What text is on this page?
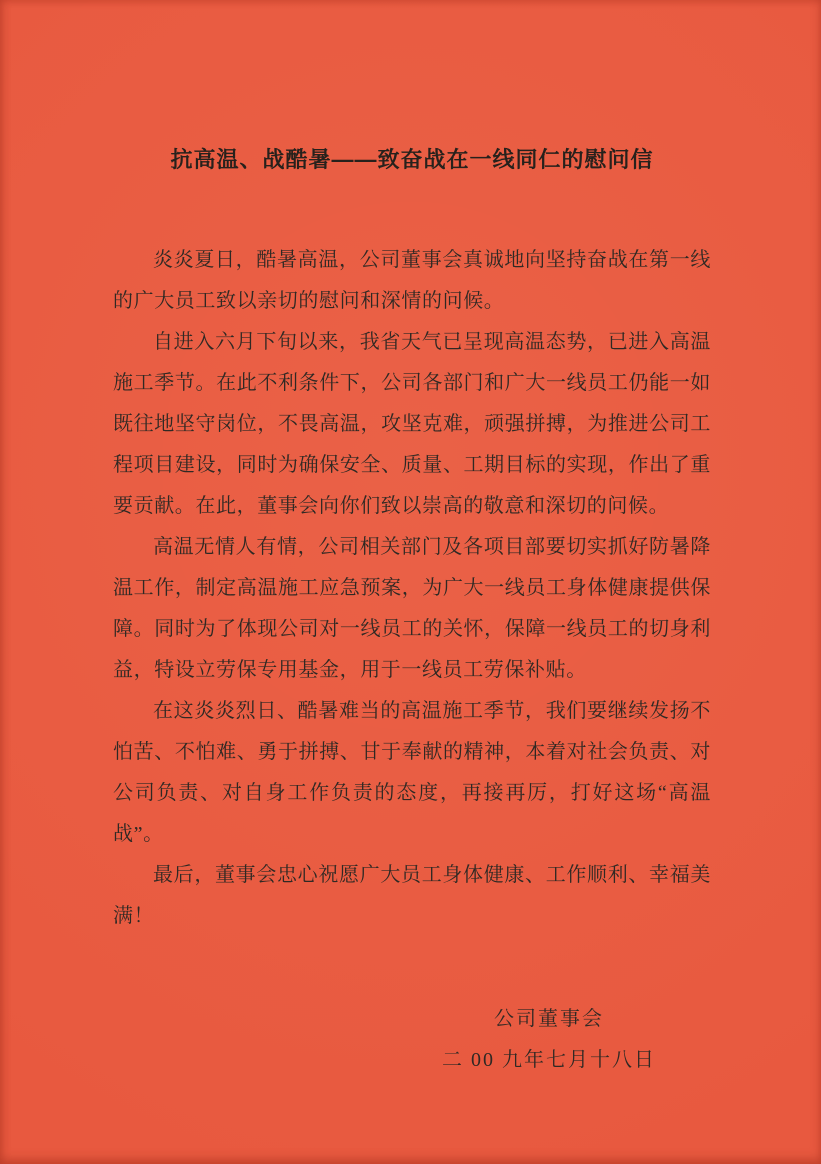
抗高温、战酷暑——致奋战在一线同仁的慰问信

炎炎夏日，酷暑高温，公司董事会真诚地向坚持奋战在第一线的广大员工致以亲切的慰问和深情的问候。

自进入六月下旬以来，我省天气已呈现高温态势，已进入高温施工季节。在此不利条件下，公司各部门和广大一线员工仍能一如既往地坚守岗位，不畏高温，攻坚克难，顽强拼搏，为推进公司工程项目建设，同时为确保安全、质量、工期目标的实现，作出了重要贡献。在此，董事会向你们致以崇高的敬意和深切的问候。

高温无情人有情，公司相关部门及各项目部要切实抓好防暑降温工作，制定高温施工应急预案，为广大一线员工身体健康提供保障。同时为了体现公司对一线员工的关怀，保障一线员工的切身利益，特设立劳保专用基金，用于一线员工劳保补贴。

在这炎炎烈日、酷暑难当的高温施工季节，我们要继续发扬不怕苦、不怕难、勇于拼搏、甘于奉献的精神，本着对社会负责、对公司负责、对自身工作负责的态度，再接再厉，打好这场“高温战”。

最后，董事会忠心祝愿广大员工身体健康、工作顺利、幸福美满！

公司董事会
二 00 九年七月十八日
